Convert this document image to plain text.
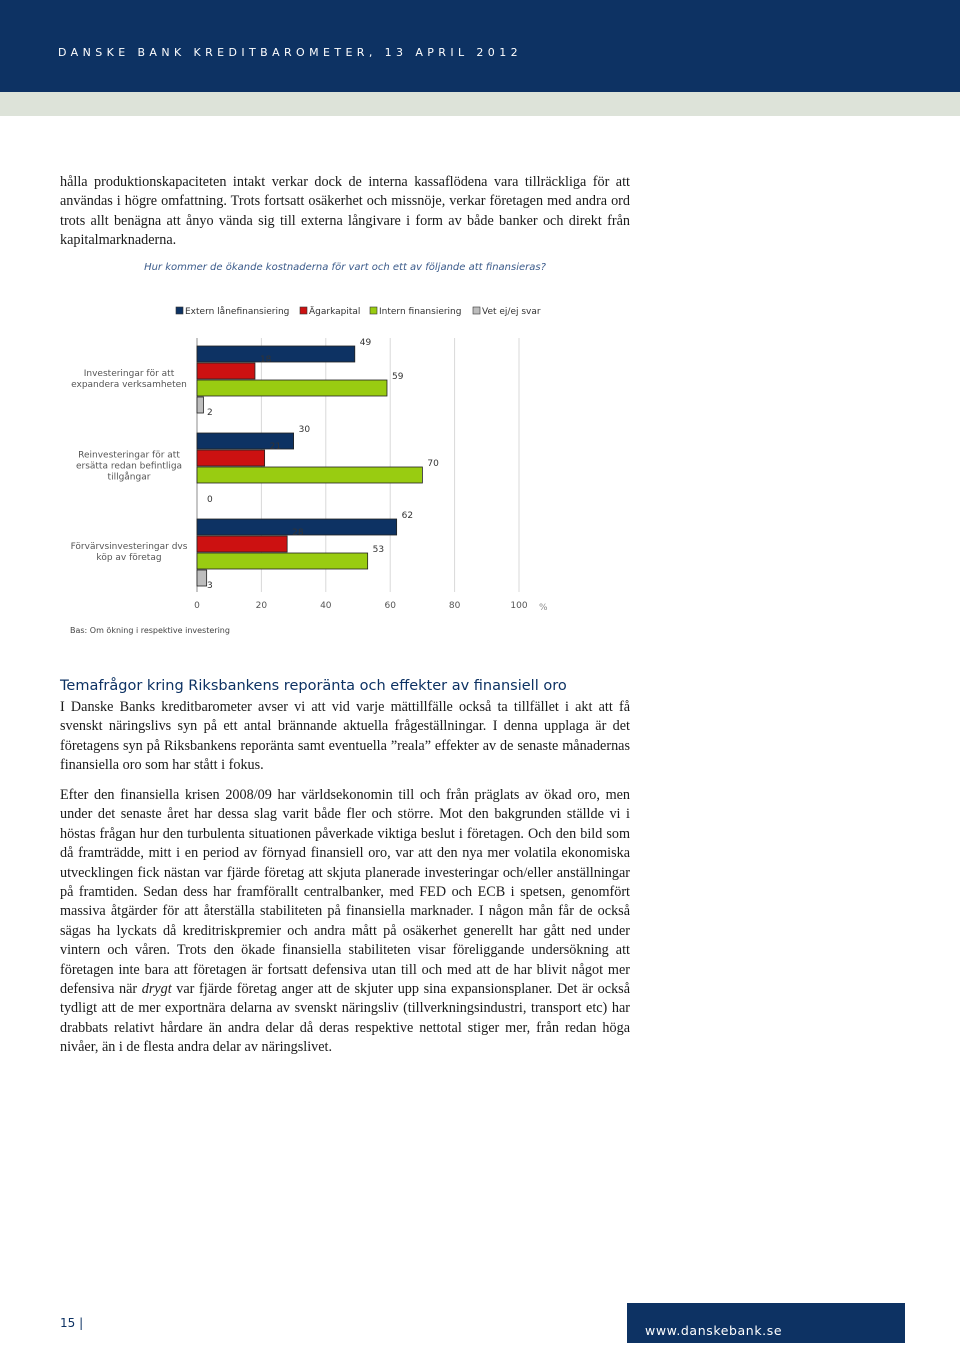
DANSKE BANK KREDITBAROMETER, 13 APRIL 2012

hålla produktionskapaciteten intakt verkar dock de interna kassaflödena vara tillräckliga för att användas i högre omfattning. Trots fortsatt osäkerhet och missnöje, verkar företagen med andra ord trots allt benägna att ånyo vända sig till externa långivare i form av både banker och direkt från kapitalmarknaderna.

Hur kommer de ökande kostnaderna för vart och ett av följande att finansieras?
Extern lånefinansiering Ägarkapital Intern finansiering Vet ej/ej svar
49
18
59
2
Investeringar för att
expandera verksamheten
30
21
70
0
Reinvesteringar för att
ersätta redan befintliga
tillgångar
62
28
53
3
Förvärvsinvesteringar dvs
köp av företag
0	20	40	60	80	100 %
Bas: Om ökning i respektive investering
Temafrågor kring Riksbankens reporänta och effekter av finansiell oro

I Danske Banks kreditbarometer avser vi att vid varje mättillfälle också ta tillfället i akt att få svenskt näringslivs syn på ett antal brännande aktuella frågeställningar. I denna upplaga är det företagens syn på Riksbankens reporänta samt eventuella ”reala” effekter av de senaste månadernas finansiella oro som har stått i fokus.

Efter den finansiella krisen 2008/09 har världsekonomin till och från präglats av ökad oro, men under det senaste året har dessa slag varit både fler och större. Mot den bakgrunden ställde vi i höstas frågan hur den turbulenta situationen påverkade viktiga beslut i företagen. Och den bild som då framträdde, mitt i en period av förnyad finansiell oro, var att den nya mer volatila ekonomiska utvecklingen fick nästan var fjärde företag att skjuta planerade investeringar och/eller anställningar på framtiden. Sedan dess har framförallt centralbanker, med FED och ECB i spetsen, genomfört massiva åtgärder för att återställa stabiliteten på finansiella marknader. I någon mån får de också sägas ha lyckats då kreditriskpremier och andra mått på osäkerhet generellt har gått ned under vintern och våren. Trots den ökade finansiella stabiliteten visar föreliggande undersökning att företagen inte bara att företagen är fortsatt defensiva utan till och med att de har blivit något mer defensiva när drygt var fjärde företag anger att de skjuter upp sina expansionsplaner. Det är också tydligt att de mer exportnära delarna av svenskt näringsliv (tillverkningsindustri, transport etc) har drabbats relativt hårdare än andra delar då deras respektive nettotal stiger mer, från redan höga nivåer, än i de flesta andra delar av näringslivet.

15 |	www.danskebank.se
